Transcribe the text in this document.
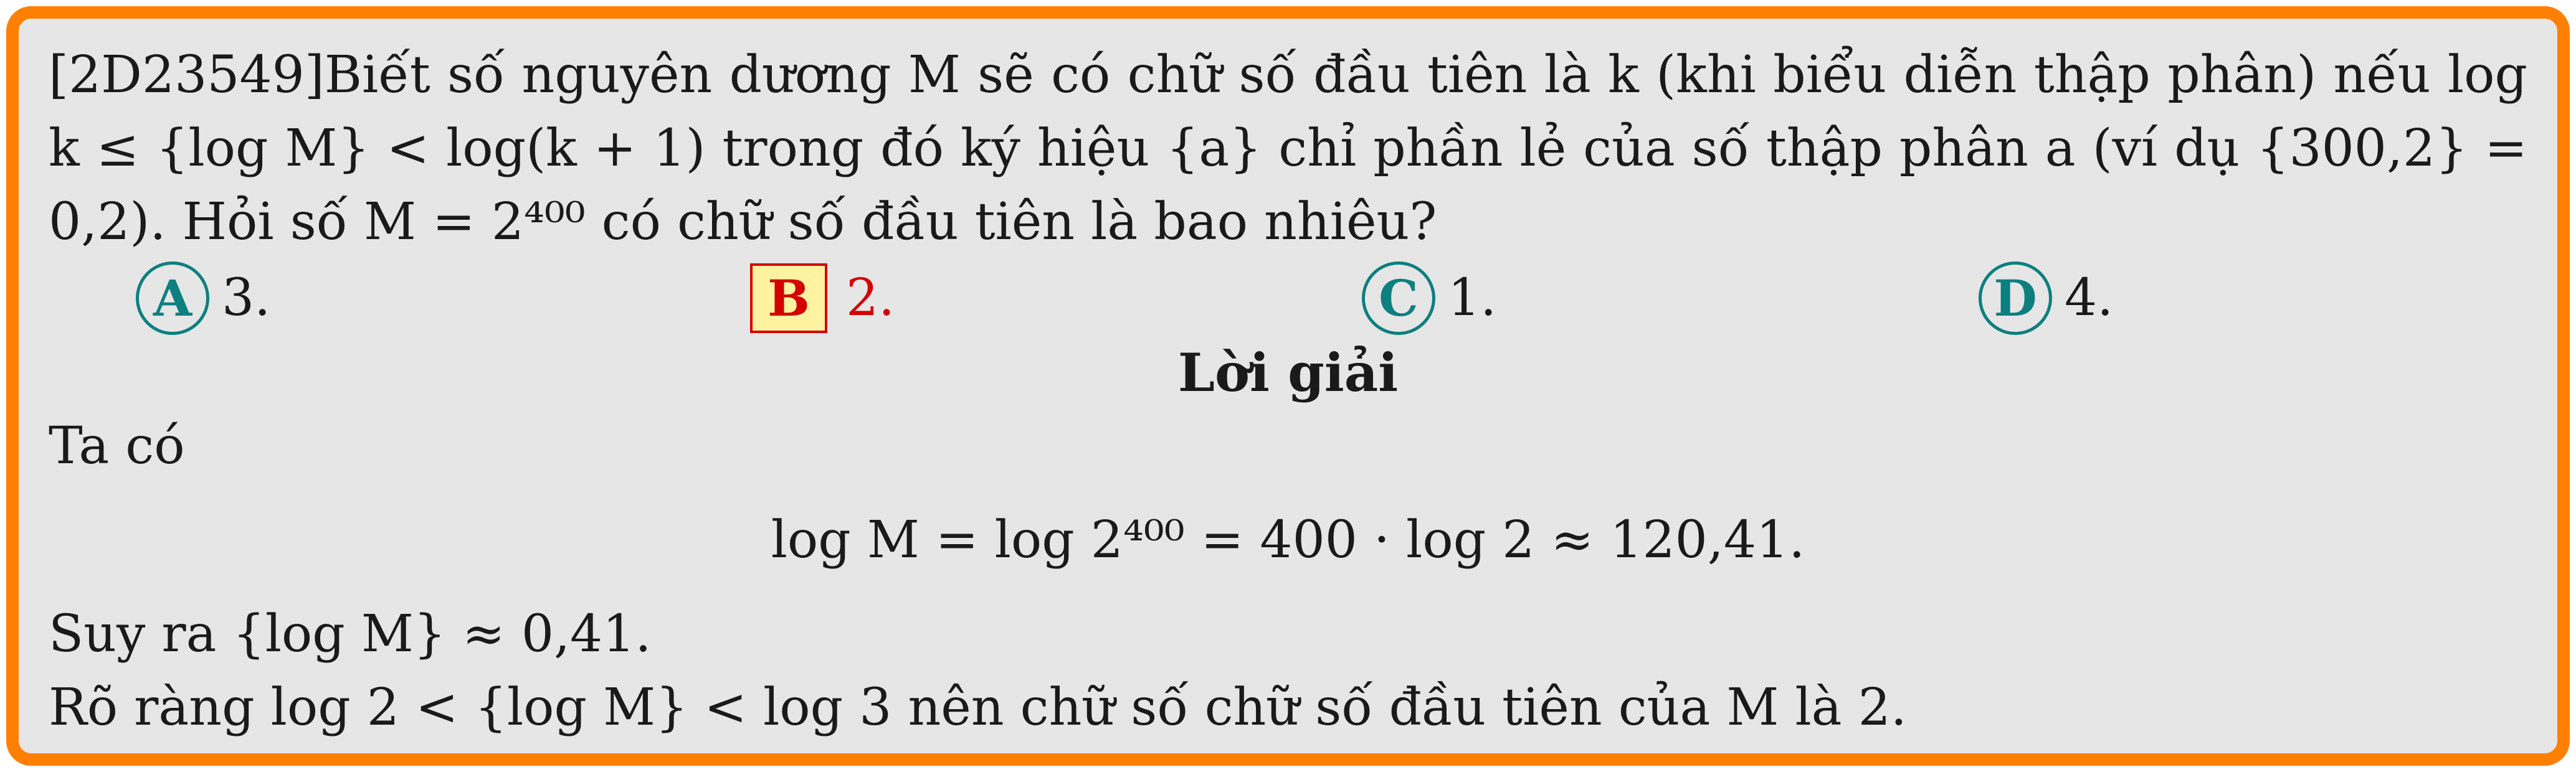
[2D23549]Biết số nguyên dương M sẽ có chữ số đầu tiên là k (khi biểu diễn thập phân) nếu log k ≤ {log M} < log(k + 1) trong đó ký hiệu {a} chỉ phần lẻ của số thập phân a (ví dụ {300,2} = 0,2). Hỏi số M = 2⁴⁰⁰ có chữ số đầu tiên là bao nhiêu?

A 3.	B 2.	C 1.	D 4.
Lời giải
Ta có
log M = log 2⁴⁰⁰ = 400 · log 2 ≈ 120,41.
Suy ra {log M} ≈ 0,41.
Rõ ràng log 2 < {log M} < log 3 nên chữ số chữ số đầu tiên của M là 2.
